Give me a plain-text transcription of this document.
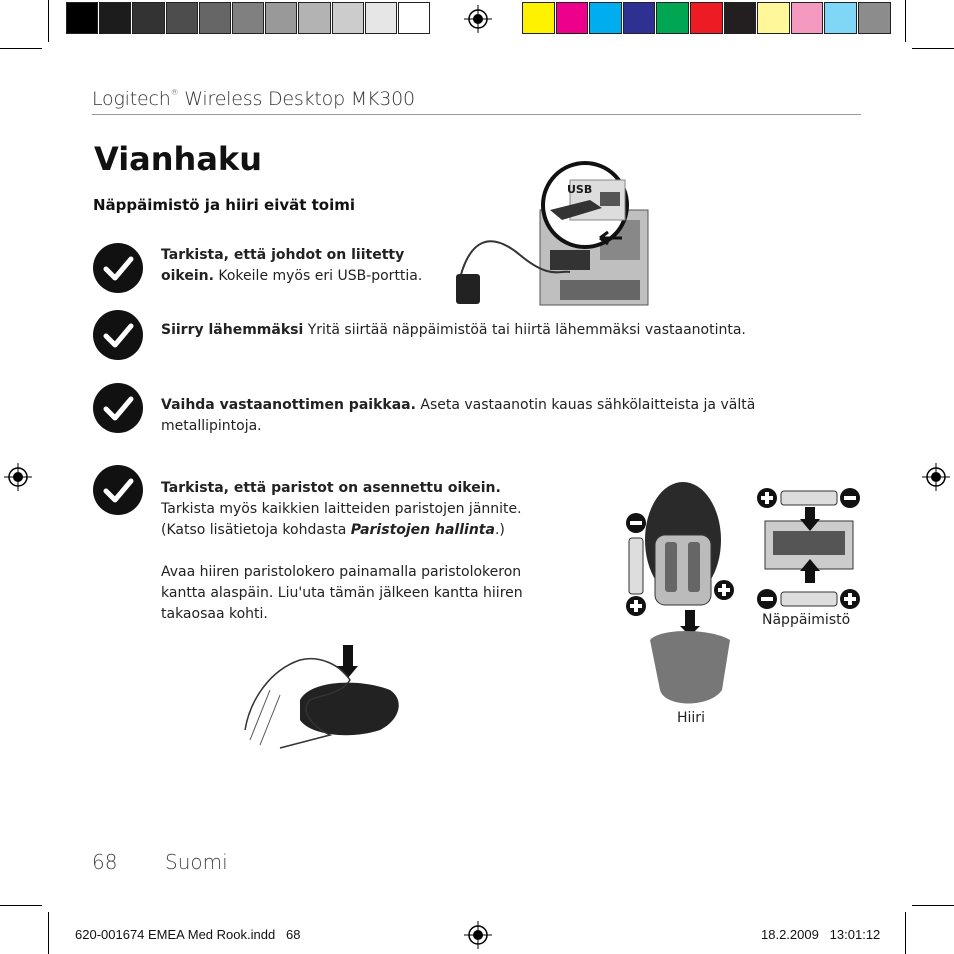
Logitech® Wireless Desktop MK300
Vianhaku
Näppäimistö ja hiiri eivät toimi
Tarkista, että johdot on liitetty oikein. Kokeile myös eri USB-porttia.
Siirry lähemmäksi Yritä siirtää näppäimistöä tai hiirtä lähemmäksi vastaanotinta.
Vaihda vastaanottimen paikkaa. Aseta vastaanotin kauas sähkölaitteista ja vältä metallipintoja.
Tarkista, että paristot on asennettu oikein.
Tarkista myös kaikkien laitteiden paristojen jännite. (Katso lisätietoja kohdasta Paristojen hallinta.)
Avaa hiiren paristolokero painamalla paristolokeron kantta alaspäin. Liu'uta tämän jälkeen kantta hiiren takaosaa kohti.
USB
Näppäimistö
Hiiri
68 Suomi
620-001674 EMEA Med Rook.indd   68	18.2.2009   13:01:12
